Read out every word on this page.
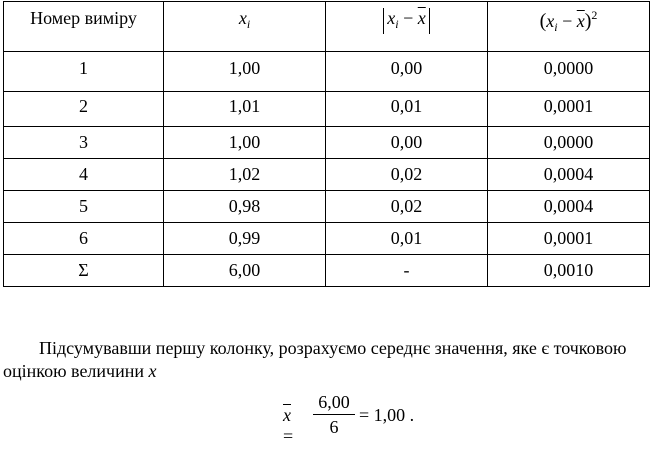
Номер виміру	$x_i$	$x_i - \overline{x}$	$(x_i - \overline{x})^2$
1	1,00	0,00	0,0000
2	1,01	0,01	0,0001
3	1,00	0,00	0,0000
4	1,02	0,02	0,0004
5	0,98	0,02	0,0004
6	0,99	0,01	0,0001
Σ	6,00	-	0,0010
Підсумувавши першу колонку, розрахуємо середнє значення, яке є точковою
оцінкою величини x
$\overline{x}$ =
6,00
6
= 1,00 .
